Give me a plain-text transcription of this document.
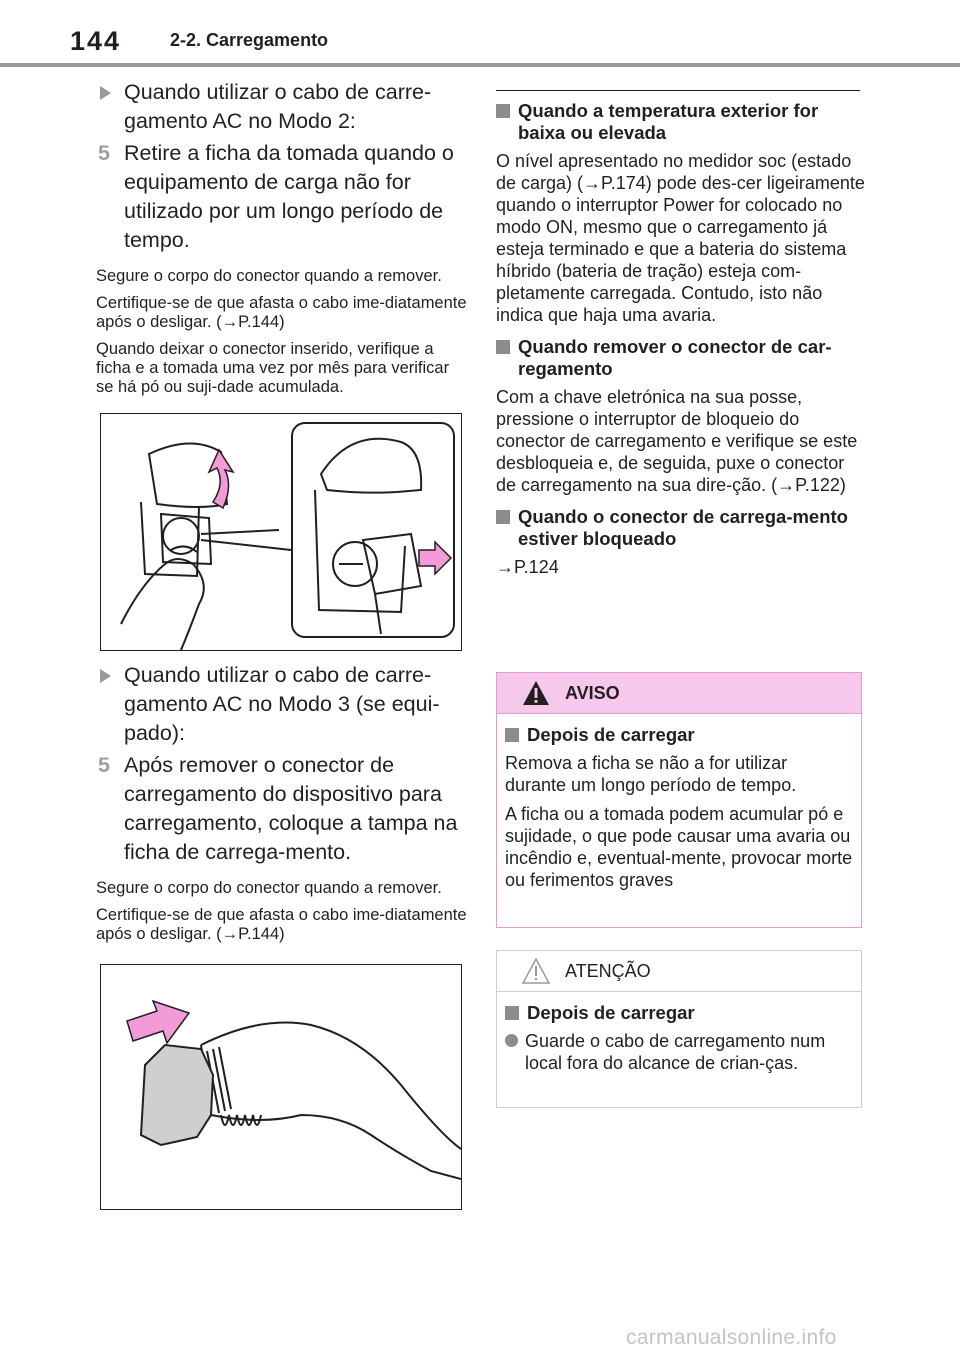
144	2-2. Carregamento
Quando utilizar o cabo de carre-gamento AC no Modo 2:
5 Retire a ficha da tomada quando o equipamento de carga não for utilizado por um longo período de tempo.

Segure o corpo do conector quando a remover.

Certifique-se de que afasta o cabo ime-diatamente após o desligar. (→P.144)

Quando deixar o conector inserido, verifique a ficha e a tomada uma vez por mês para verificar se há pó ou suji-dade acumulada.

Quando utilizar o cabo de carre-gamento AC no Modo 3 (se equi-pado):
5 Após remover o conector de carregamento do dispositivo para carregamento, coloque a tampa na ficha de carrega-mento.

Segure o corpo do conector quando a remover.

Certifique-se de que afasta o cabo ime-diatamente após o desligar. (→P.144)

Quando a temperatura exterior for baixa ou elevada

O nível apresentado no medidor soc (estado de carga) (→P.174) pode des-cer ligeiramente quando o interruptor Power for colocado no modo ON, mesmo que o carregamento já esteja terminado e que a bateria do sistema híbrido (bateria de tração) esteja com-pletamente carregada. Contudo, isto não indica que haja uma avaria.

Quando remover o conector de car-regamento

Com a chave eletrónica na sua posse, pressione o interruptor de bloqueio do conector de carregamento e verifique se este desbloqueia e, de seguida, puxe o conector de carregamento na sua dire-ção. (→P.122)

Quando o conector de carrega-mento estiver bloqueado

→P.124

AVISO
Depois de carregar

Remova a ficha se não a for utilizar durante um longo período de tempo.

A ficha ou a tomada podem acumular pó e sujidade, o que pode causar uma avaria ou incêndio e, eventual-mente, provocar morte ou ferimentos graves

ATENÇÃO
Depois de carregar
Guarde o cabo de carregamento num local fora do alcance de crian-ças.
carmanualsonline.info
